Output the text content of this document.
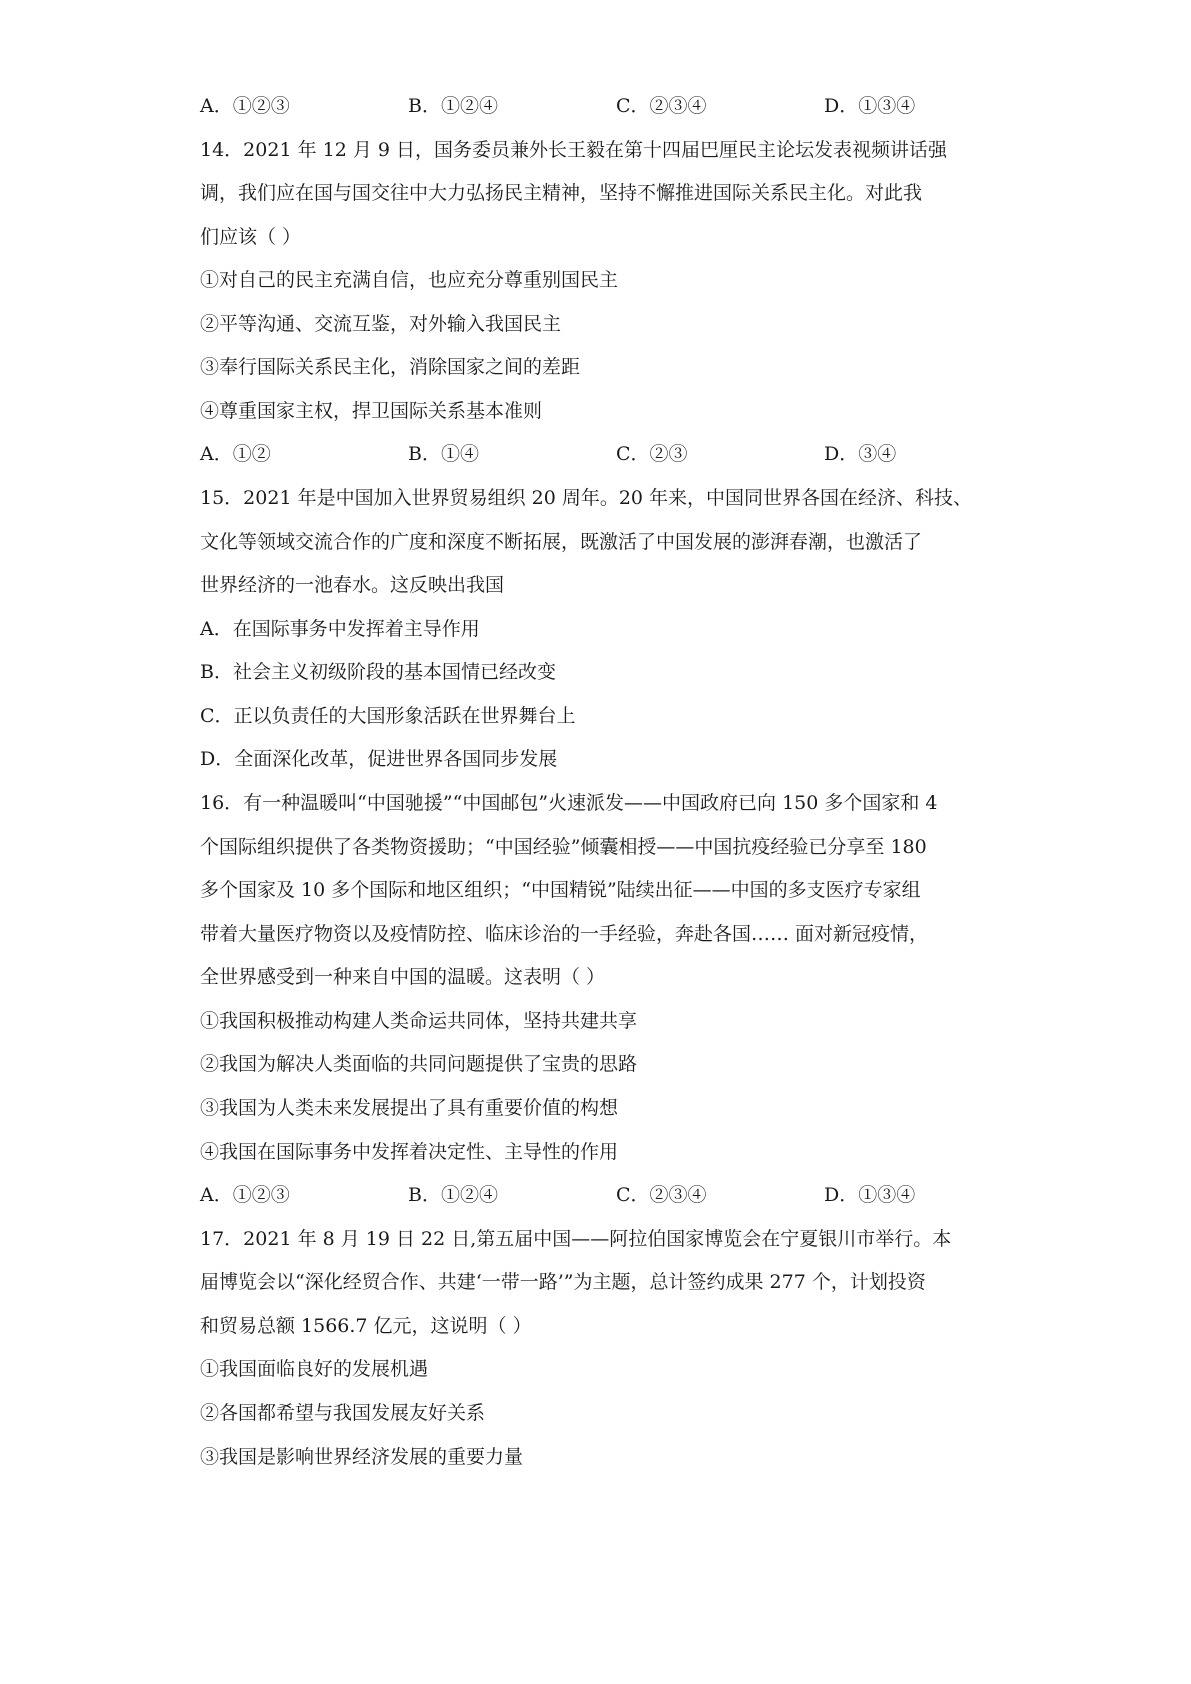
A．①②③	B．①②④	C．②③④	D．①③④

14．2021 年 12 月 9 日，国务委员兼外长王毅在第十四届巴厘民主论坛发表视频讲话强

调，我们应在国与国交往中大力弘扬民主精神，坚持不懈推进国际关系民主化。对此我

们应该（ ）

①对自己的民主充满自信，也应充分尊重别国民主

②平等沟通、交流互鉴，对外输入我国民主

③奉行国际关系民主化，消除国家之间的差距

④尊重国家主权，捍卫国际关系基本准则

A．①②	B．①④	C．②③	D．③④

15．2021 年是中国加入世界贸易组织 20 周年。20 年来，中国同世界各国在经济、科技、

文化等领域交流合作的广度和深度不断拓展，既激活了中国发展的澎湃春潮，也激活了

世界经济的一池春水。这反映出我国

A．在国际事务中发挥着主导作用

B．社会主义初级阶段的基本国情已经改变

C．正以负责任的大国形象活跃在世界舞台上

D．全面深化改革，促进世界各国同步发展

16．有一种温暖叫“中国驰援”“中国邮包”火速派发——中国政府已向 150 多个国家和 4

个国际组织提供了各类物资援助；“中国经验”倾囊相授——中国抗疫经验已分享至 180

多个国家及 10 多个国际和地区组织；“中国精锐”陆续出征——中国的多支医疗专家组

带着大量医疗物资以及疫情防控、临床诊治的一手经验，奔赴各国…… 面对新冠疫情，

全世界感受到一种来自中国的温暖。这表明（ ）

①我国积极推动构建人类命运共同体，坚持共建共享

②我国为解决人类面临的共同问题提供了宝贵的思路

③我国为人类未来发展提出了具有重要价值的构想

④我国在国际事务中发挥着决定性、主导性的作用

A．①②③	B．①②④	C．②③④	D．①③④

17．2021 年 8 月 19 日 22 日,第五届中国——阿拉伯国家博览会在宁夏银川市举行。本

届博览会以“深化经贸合作、共建‘一带一路’”为主题，总计签约成果 277 个，计划投资

和贸易总额 1566.7 亿元，这说明（ ）

①我国面临良好的发展机遇

②各国都希望与我国发展友好关系

③我国是影响世界经济发展的重要力量
